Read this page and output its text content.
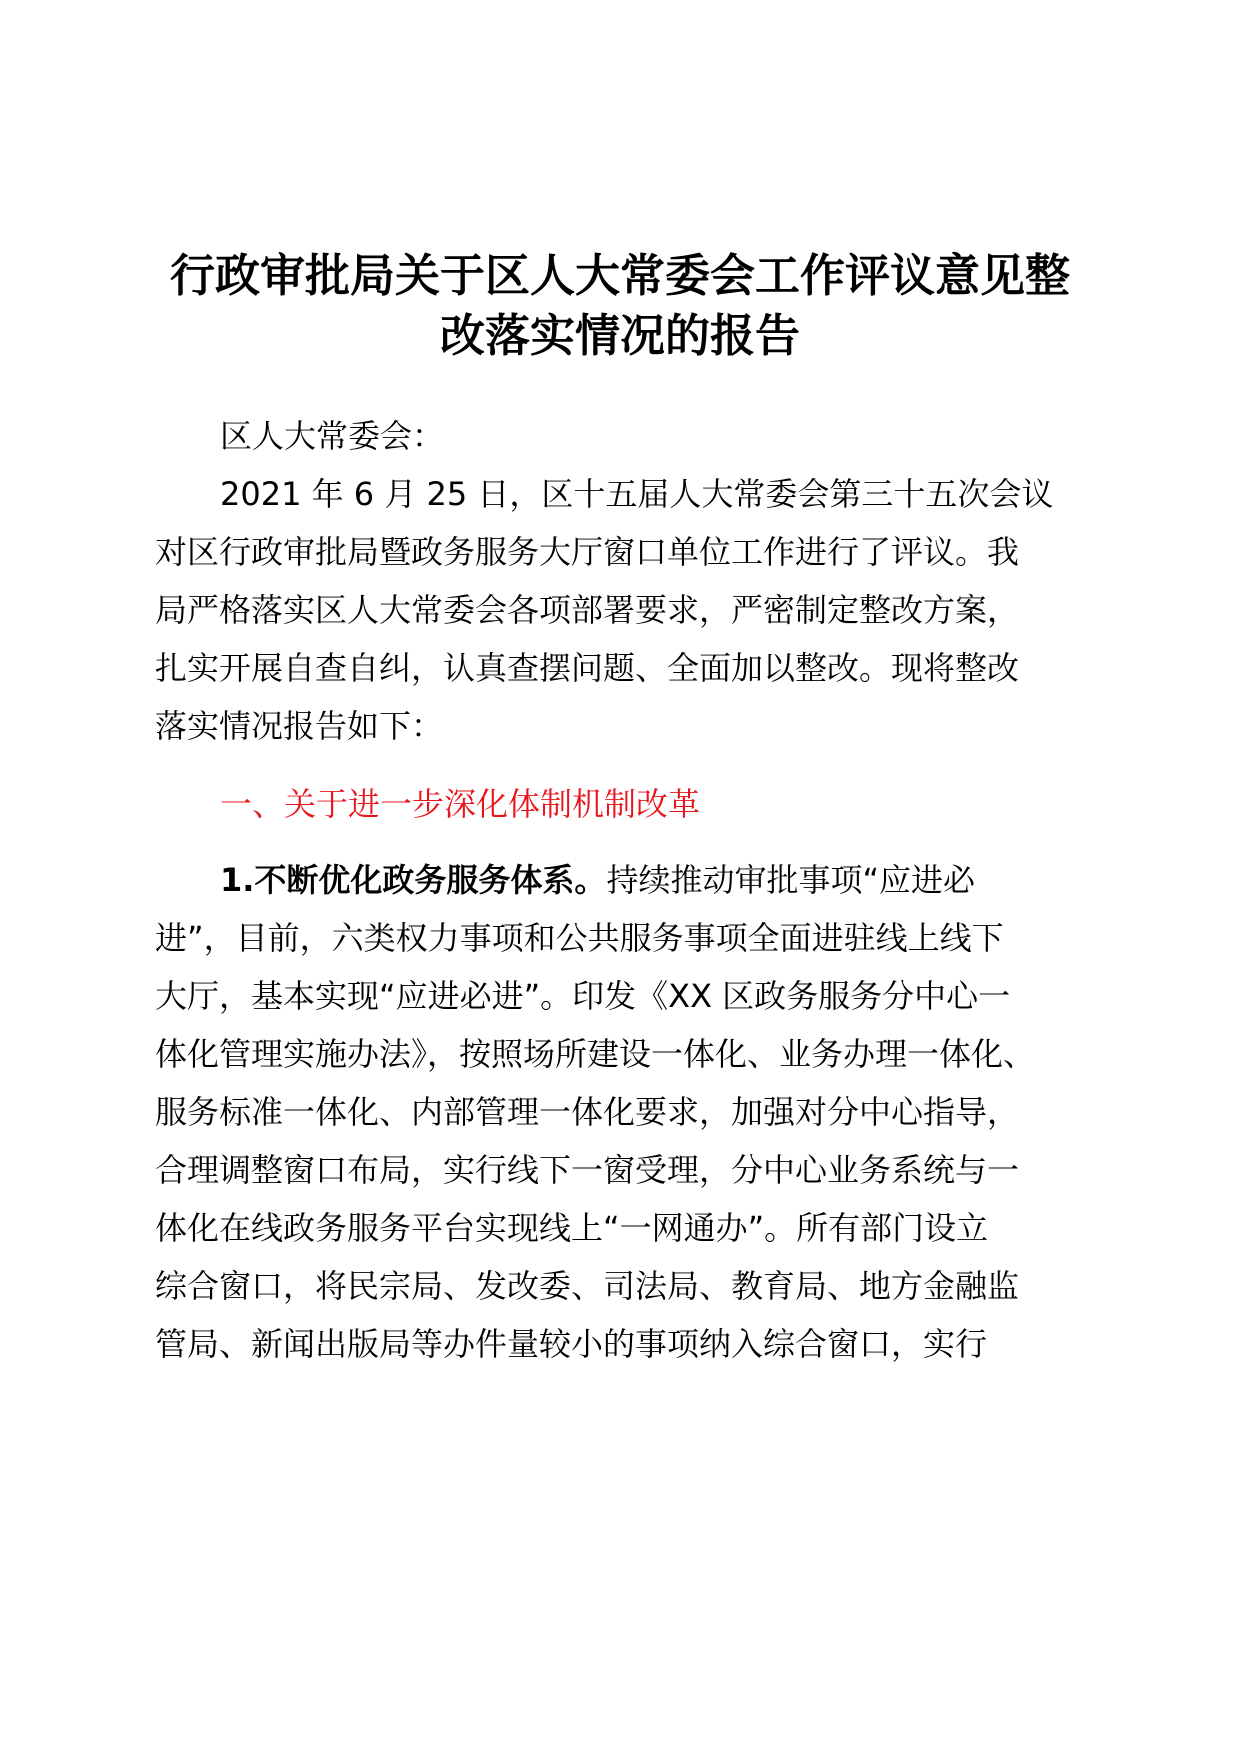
行政审批局关于区人大常委会工作评议意见整
改落实情况的报告

区人大常委会：

2021 年 6 月 25 日，区十五届人大常委会第三十五次会议

对区行政审批局暨政务服务大厅窗口单位工作进行了评议。我

局严格落实区人大常委会各项部署要求，严密制定整改方案，

扎实开展自查自纠，认真查摆问题、全面加以整改。现将整改

落实情况报告如下：

一、关于进一步深化体制机制改革

1.不断优化政务服务体系。持续推动审批事项“应进必

进”，目前，六类权力事项和公共服务事项全面进驻线上线下

大厅，基本实现“应进必进”。印发《XX 区政务服务分中心一

体化管理实施办法》，按照场所建设一体化、业务办理一体化、

服务标准一体化、内部管理一体化要求，加强对分中心指导，

合理调整窗口布局，实行线下一窗受理，分中心业务系统与一

体化在线政务服务平台实现线上“一网通办”。所有部门设立

综合窗口，将民宗局、发改委、司法局、教育局、地方金融监

管局、新闻出版局等办件量较小的事项纳入综合窗口，实行
